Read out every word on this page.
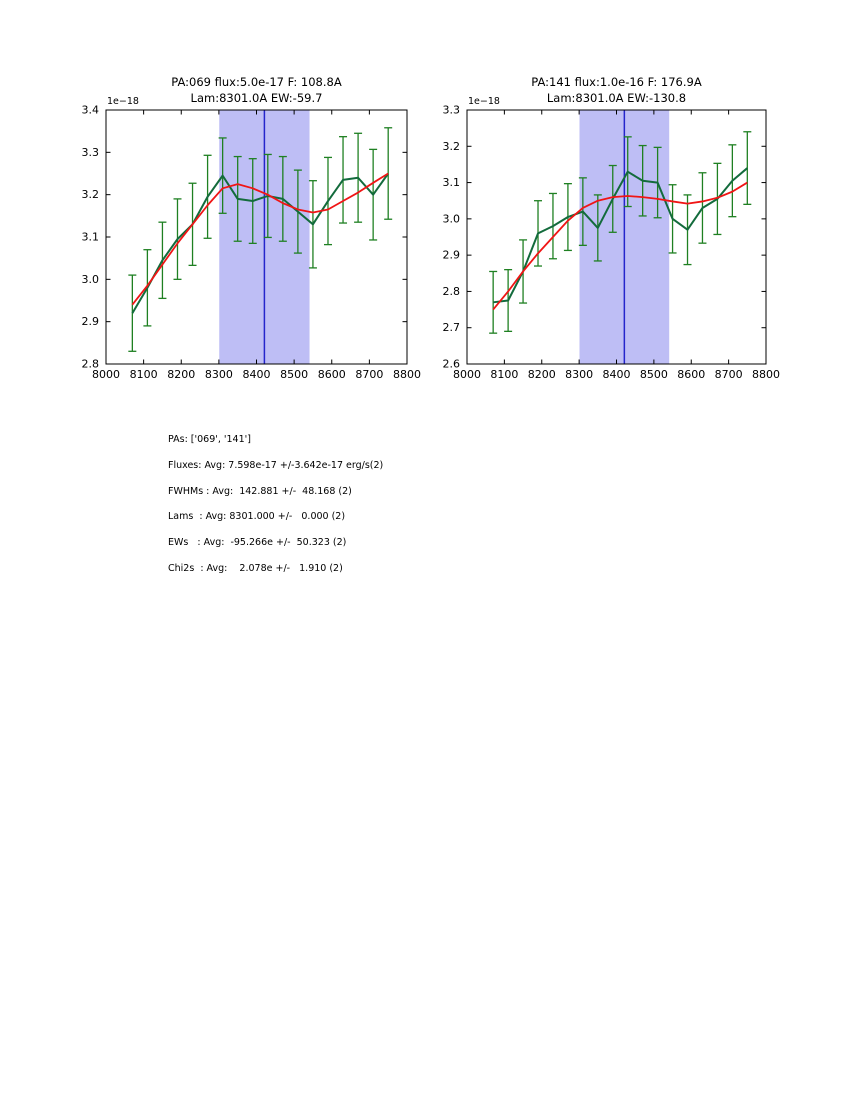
PA:069 flux:5.0e-17 F: 108.8A
Lam:8301.0A EW:-59.7
8000 8100 8200 8300 8400 8500 8600 8700 8800
2.8
2.9
3.0
3.1
3.2
3.3
3.4
1e−18
PA:141 flux:1.0e-16 F: 176.9A
Lam:8301.0A EW:-130.8
8000 8100 8200 8300 8400 8500 8600 8700 8800
2.6
2.7
2.8
2.9
3.0
3.1
3.2
3.3
1e−18
PAs: ['069', '141']
Fluxes: Avg: 7.598e-17 +/-3.642e-17 erg/s(2)
FWHMs : Avg:  142.881 +/-  48.168 (2)
Lams  : Avg: 8301.000 +/-   0.000 (2)
EWs   : Avg:  -95.266e +/-  50.323 (2)
Chi2s  : Avg:    2.078e +/-   1.910 (2)
